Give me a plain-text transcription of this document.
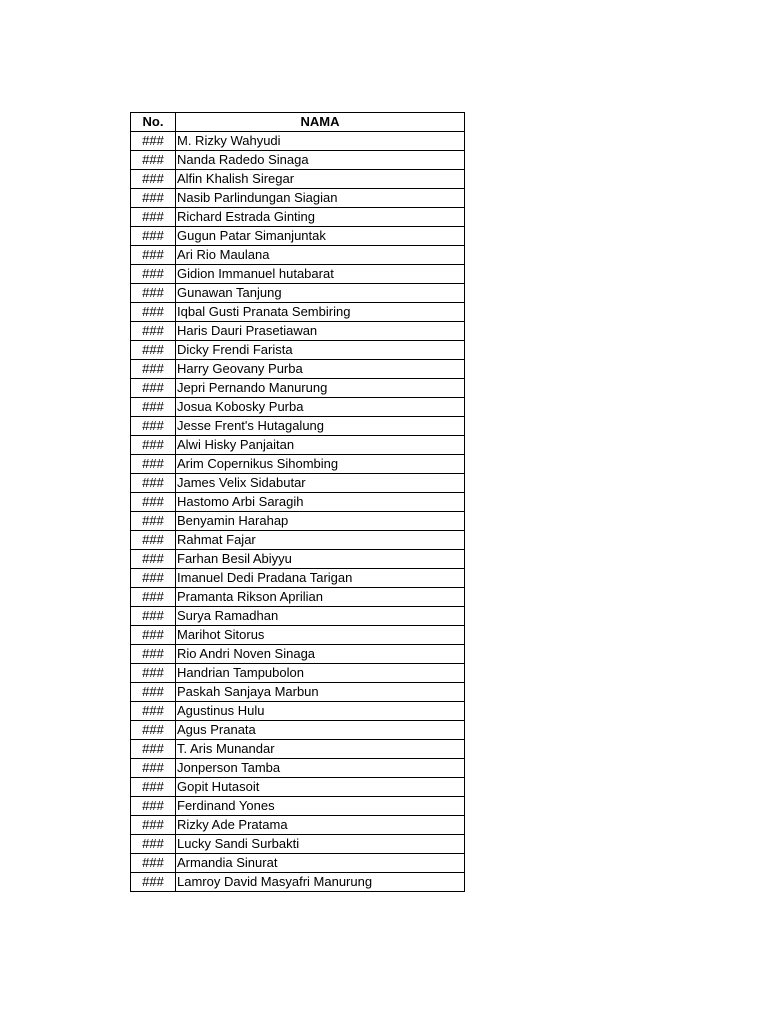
No.	NAMA
###	M. Rizky Wahyudi
###	Nanda Radedo Sinaga
###	Alfin Khalish Siregar
###	Nasib Parlindungan Siagian
###	Richard Estrada Ginting
###	Gugun Patar Simanjuntak
###	Ari Rio Maulana
###	Gidion Immanuel hutabarat
###	Gunawan Tanjung
###	Iqbal Gusti Pranata Sembiring
###	Haris Dauri Prasetiawan
###	Dicky Frendi Farista
###	Harry Geovany Purba
###	Jepri Pernando Manurung
###	Josua Kobosky Purba
###	Jesse Frent's Hutagalung
###	Alwi Hisky Panjaitan
###	Arim Copernikus Sihombing
###	James Velix Sidabutar
###	Hastomo Arbi Saragih
###	Benyamin Harahap
###	Rahmat Fajar
###	Farhan Besil Abiyyu
###	Imanuel Dedi Pradana Tarigan
###	Pramanta Rikson Aprilian
###	Surya Ramadhan
###	Marihot Sitorus
###	Rio Andri Noven Sinaga
###	Handrian Tampubolon
###	Paskah Sanjaya Marbun
###	Agustinus Hulu
###	Agus Pranata
###	T. Aris Munandar
###	Jonperson Tamba
###	Gopit Hutasoit
###	Ferdinand Yones
###	Rizky Ade Pratama
###	Lucky Sandi Surbakti
###	Armandia Sinurat
###	Lamroy David Masyafri Manurung
